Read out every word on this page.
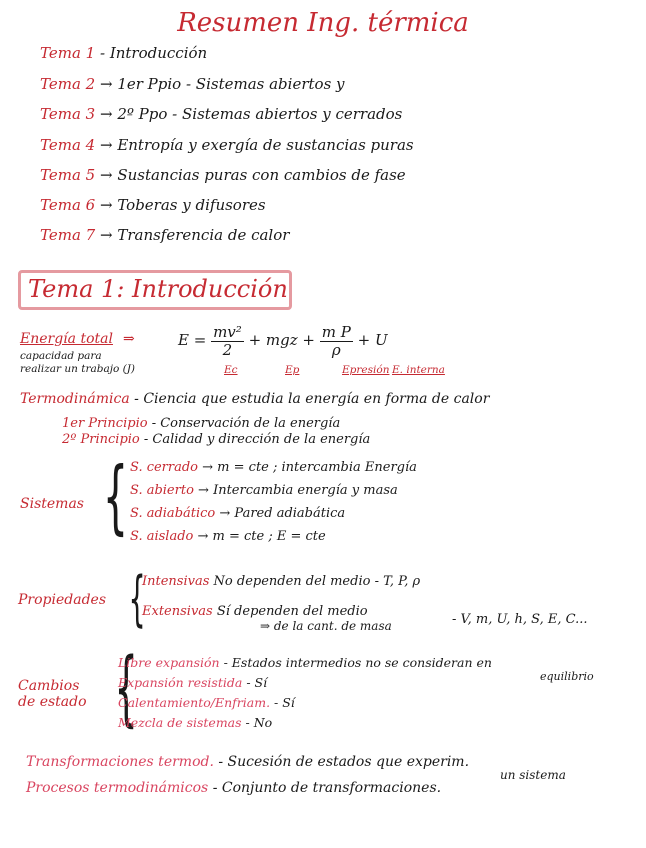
Resumen Ing. térmica
Tema 1 - Introducción
Tema 2 → 1er Ppio - Sistemas abiertos y
Tema 3 → 2º Ppo - Sistemas abiertos y cerrados
Tema 4 → Entropía y exergía de sustancias puras
Tema 5 → Sustancias puras con cambios de fase
Tema 6 → Toberas y difusores
Tema 7 → Transferencia de calor
Tema 1: Introducción
Energía total ⇒	$E = \frac{\text{mv²}}{2}$ + mgz + $\frac{\text{m P}}{\rho} + U$
capacidad para
realizar un trabajo (J)	Ec	Ep	Epresión E. interna
Termodinámica - Ciencia que estudia la energía en forma de calor
1er Principio - Conservación de la energía
2º Principio - Calidad y dirección de la energía
Sistemas { S. cerrado → m = cte ; intercambia Energía
S. abierto → Intercambia energía y masa
S. adiabático → Pared adiabática
S. aislado → m = cte ; E = cte
Propiedades {
Intensivas No dependen del medio - T, P, ρ
Extensivas Sí dependen del medio
⇒ de la cant. de masa	- V, m, U, h, S, E, C...
Cambios
de estado {
Libre expansión - Estados intermedios no se consideran en
equilibrio
Expansión resistida - Sí
Calentamiento/Enfriam. - Sí
Mezcla de sistemas - No
Transformaciones termod. - Sucesión de estados que experim.
un sistema
Procesos termodinámicos - Conjunto de transformaciones.
